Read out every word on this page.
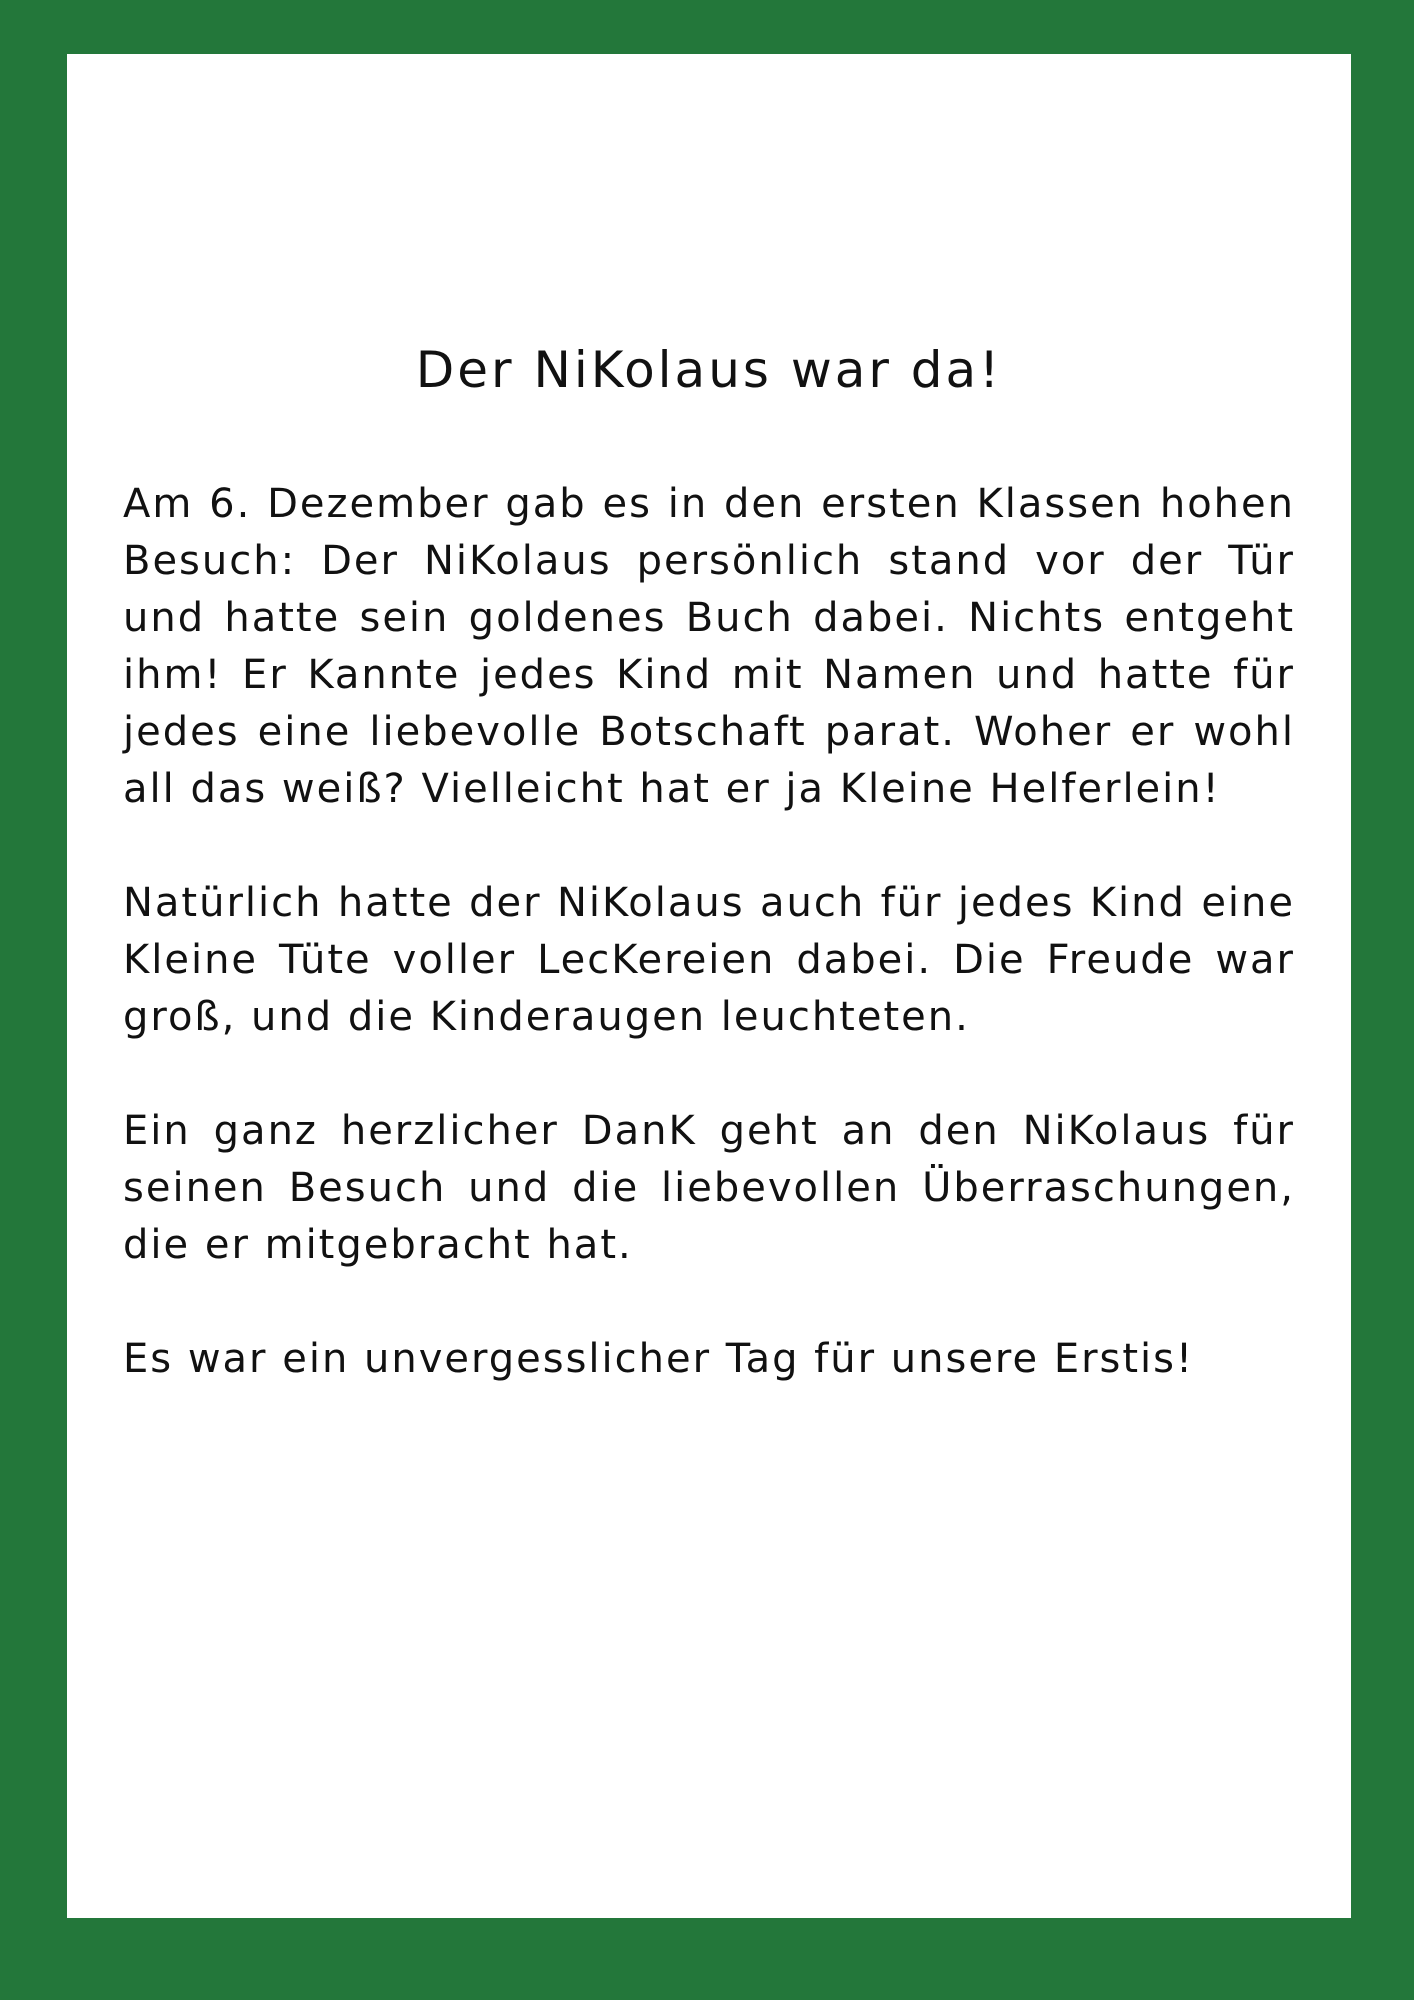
Der NiKolaus war da!

Am 6. Dezember gab es in den ersten Klassen hohen Besuch: Der NiKolaus persönlich stand vor der Tür und hatte sein goldenes Buch dabei. Nichts entgeht ihm! Er Kannte jedes Kind mit Namen und hatte für jedes eine liebevolle Botschaft parat. Woher er wohl all das weiß? Vielleicht hat er ja Kleine Helferlein!

Natürlich hatte der NiKolaus auch für jedes Kind eine Kleine Tüte voller LecKereien dabei. Die Freude war groß, und die Kinderaugen leuchteten.

Ein ganz herzlicher DanK geht an den NiKolaus für seinen Besuch und die liebevollen Überraschungen, die er mitgebracht hat.

Es war ein unvergesslicher Tag für unsere Erstis!
